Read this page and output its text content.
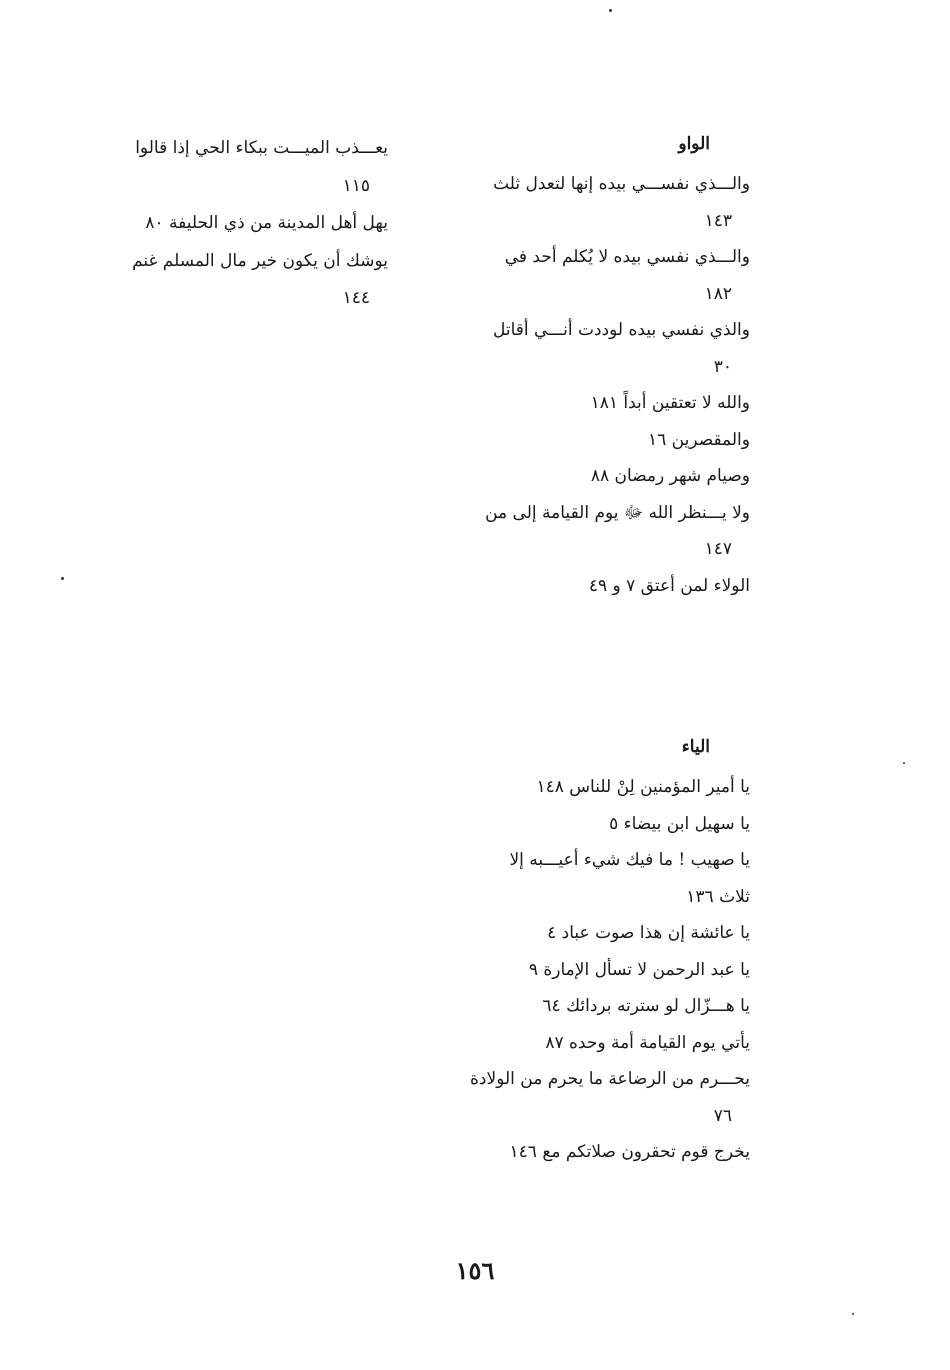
الواو
والـــذي نفســـي بيده إنها لتعدل ثلث
١٤٣
والـــذي نفسي بيده لا يُكلم أحد في
١٨٢
والذي نفسي بيده لوددت أنـــي أقاتل
٣٠
والله لا تعتقين أبداً ١٨١
والمقصرين ١٦
وصيام شهر رمضان ٨٨
ولا يـــنظر الله ﷻ يوم القيامة إلى من
١٤٧
الولاء لمن أعتق ٧ و ٤٩
يعـــذب الميـــت ببكاء الحي إذا قالوا
١١٥
يهل أهل المدينة من ذي الحليفة ٨٠
يوشك أن يكون خير مال المسلم غنم
١٤٤
الياء
يا أمير المؤمنين لِنْ للناس ١٤٨
يا سهيل ابن بيضاء ٥
يا صهيب ! ما فيك شيء أعيـــبه إلا
ثلاث ١٣٦
يا عائشة إن هذا صوت عباد ٤
يا عبد الرحمن لا تسأل الإمارة ٩
يا هـــزّال لو سترته بردائك ٦٤
يأتي يوم القيامة أمة وحده ٨٧
يحـــرم من الرضاعة ما يحرم من الولادة
٧٦
يخرج قوم تحقرون صلاتكم مع ١٤٦
١٥٦
